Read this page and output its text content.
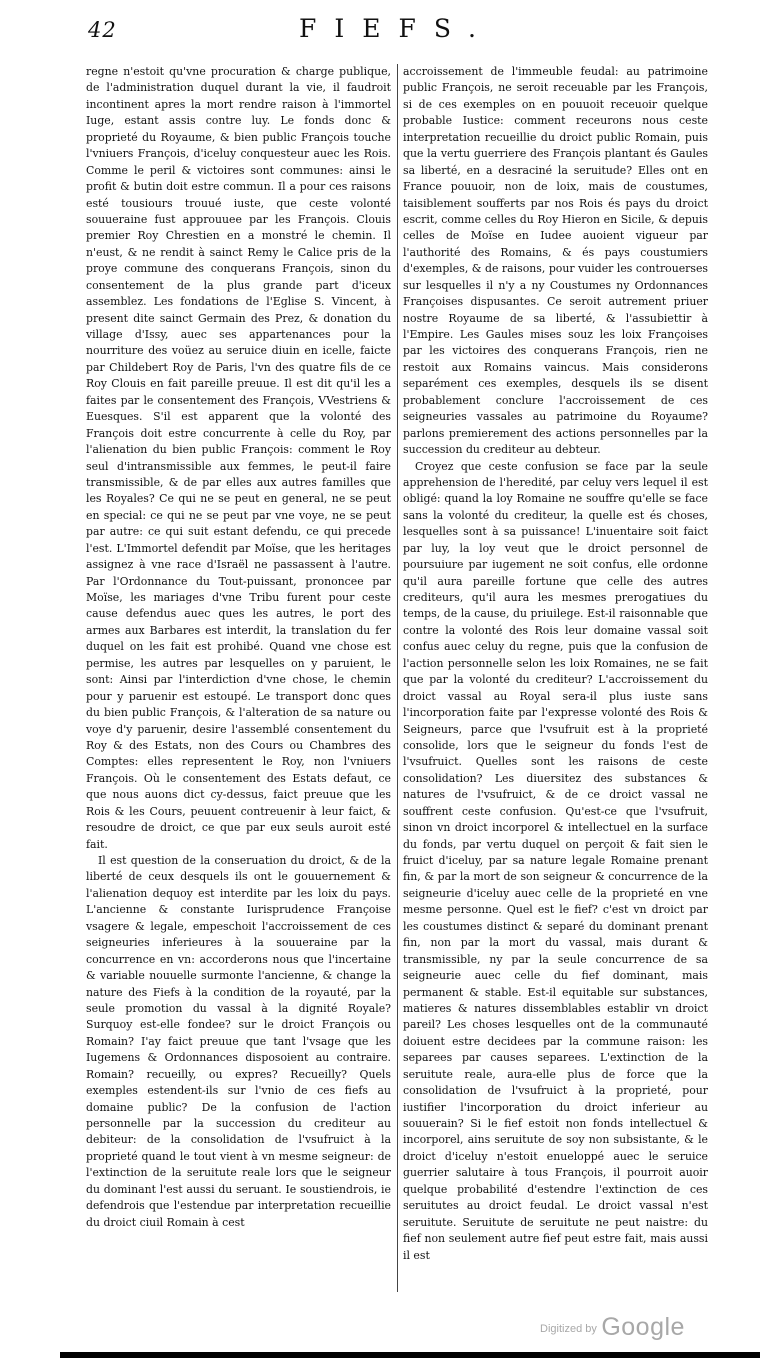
42	FIEFS.

regne n'estoit qu'vne procuration & charge publique, de l'administration duquel durant la vie, il faudroit incontinent apres la mort rendre raison à l'immortel Iuge, estant assis contre luy. Le fonds donc & proprieté du Royaume, & bien public François touche l'vniuers François, d'iceluy conquesteur auec les Rois. Comme le peril & victoires sont communes: ainsi le profit & butin doit estre commun. Il a pour ces raisons esté tousiours trouué iuste, que ceste volonté souueraine fust approuuee par les François. Clouis premier Roy Chrestien en a monstré le chemin. Il n'eust, & ne rendit à sainct Remy le Calice pris de la proye commune des conquerans François, sinon du consentement de la plus grande part d'iceux assemblez. Les fondations de l'Eglise S. Vincent, à present dite sainct Germain des Prez, & donation du village d'Issy, auec ses appartenances pour la nourriture des voüez au seruice diuin en icelle, faicte par Childebert Roy de Paris, l'vn des quatre fils de ce Roy Clouis en fait pareille preuue. Il est dit qu'il les a faites par le consentement des François, VVestriens & Euesques. S'il est apparent que la volonté des François doit estre concurrente à celle du Roy, par l'alienation du bien public François: comment le Roy seul d'intransmissible aux femmes, le peut-il faire transmissible, & de par elles aux autres familles que les Royales? Ce qui ne se peut en general, ne se peut en special: ce qui ne se peut par vne voye, ne se peut par autre: ce qui suit estant defendu, ce qui precede l'est. L'Immortel defendit par Moïse, que les heritages assignez à vne race d'Israël ne passassent à l'autre. Par l'Ordonnance du Tout-puissant, prononcee par Moïse, les mariages d'vne Tribu furent pour ceste cause defendus auec ques les autres, le port des armes aux Barbares est interdit, la translation du fer duquel on les fait est prohibé. Quand vne chose est permise, les autres par lesquelles on y paruient, le sont: Ainsi par l'interdiction d'vne chose, le chemin pour y paruenir est estoupé. Le transport donc ques du bien public François, & l'alteration de sa nature ou voye d'y paruenir, desire l'assemblé consentement du Roy & des Estats, non des Cours ou Chambres des Comptes: elles representent le Roy, non l'vniuers François. Où le consentement des Estats defaut, ce que nous auons dict cy-dessus, faict preuue que les Rois & les Cours, peuuent contreuenir à leur faict, & resoudre de droict, ce que par eux seuls auroit esté fait.

Il est question de la conseruation du droict, & de la liberté de ceux desquels ils ont le gouuernement & l'alienation dequoy est interdite par les loix du pays. L'ancienne & constante Iurisprudence Françoise vsagere & legale, empeschoit l'accroissement de ces seigneuries inferieures à la souueraine par la concurrence en vn: accorderons nous que l'incertaine & variable nouuelle surmonte l'ancienne, & change la nature des Fiefs à la condition de la royauté, par la seule promotion du vassal à la dignité Royale? Surquoy est-elle fondee? sur le droict François ou Romain? I'ay faict preuue que tant l'vsage que les Iugemens & Ordonnances disposoient au contraire. Romain? recueilly, ou expres? Recueilly? Quels exemples estendent-ils sur l'vnio de ces fiefs au domaine public? De la confusion de l'action personnelle par la succession du crediteur au debiteur: de la consolidation de l'vsufruict à la proprieté quand le tout vient à vn mesme seigneur: de l'extinction de la seruitute reale lors que le seigneur du dominant l'est aussi du seruant. Ie soustiendrois, ie defendrois que l'estendue par interpretation recueillie du droict ciuil Romain à cest

accroissement de l'immeuble feudal: au patrimoine public François, ne seroit receuable par les François, si de ces exemples on en pouuoit receuoir quelque probable Iustice: comment receurons nous ceste interpretation recueillie du droict public Romain, puis que la vertu guerriere des François plantant és Gaules sa liberté, en a desraciné la seruitude? Elles ont en France pouuoir, non de loix, mais de coustumes, taisiblement soufferts par nos Rois és pays du droict escrit, comme celles du Roy Hieron en Sicile, & depuis celles de Moïse en Iudee auoient vigueur par l'authorité des Romains, & és pays coustumiers d'exemples, & de raisons, pour vuider les controuerses sur lesquelles il n'y a ny Coustumes ny Ordonnances Françoises dispusantes. Ce seroit autrement priuer nostre Royaume de sa liberté, & l'assubiettir à l'Empire. Les Gaules mises souz les loix Françoises par les victoires des conquerans François, rien ne restoit aux Romains vaincus. Mais considerons separément ces exemples, desquels ils se disent probablement conclure l'accroissement de ces seigneuries vassales au patrimoine du Royaume? parlons premierement des actions personnelles par la succession du crediteur au debteur.

Croyez que ceste confusion se face par la seule apprehension de l'heredité, par celuy vers lequel il est obligé: quand la loy Romaine ne souffre qu'elle se face sans la volonté du crediteur, la quelle est és choses, lesquelles sont à sa puissance! L'inuentaire soit faict par luy, la loy veut que le droict personnel de poursuiure par iugement ne soit confus, elle ordonne qu'il aura pareille fortune que celle des autres crediteurs, qu'il aura les mesmes prerogatiues du temps, de la cause, du priuilege. Est-il raisonnable que contre la volonté des Rois leur domaine vassal soit confus auec celuy du regne, puis que la confusion de l'action personnelle selon les loix Romaines, ne se fait que par la volonté du crediteur? L'accroissement du droict vassal au Royal sera-il plus iuste sans l'incorporation faite par l'expresse volonté des Rois & Seigneurs, parce que l'vsufruit est à la proprieté consolide, lors que le seigneur du fonds l'est de l'vsufruict. Quelles sont les raisons de ceste consolidation? Les diuersitez des substances & natures de l'vsufruict, & de ce droict vassal ne souffrent ceste confusion. Qu'est-ce que l'vsufruit, sinon vn droict incorporel & intellectuel en la surface du fonds, par vertu duquel on perçoit & fait sien le fruict d'iceluy, par sa nature legale Romaine prenant fin, & par la mort de son seigneur & concurrence de la seigneurie d'iceluy auec celle de la proprieté en vne mesme personne. Quel est le fief? c'est vn droict par les coustumes distinct & separé du dominant prenant fin, non par la mort du vassal, mais durant & transmissible, ny par la seule concurrence de sa seigneurie auec celle du fief dominant, mais permanent & stable. Est-il equitable sur substances, matieres & natures dissemblables establir vn droict pareil? Les choses lesquelles ont de la communauté doiuent estre decidees par la commune raison: les separees par causes separees. L'extinction de la seruitute reale, aura-elle plus de force que la consolidation de l'vsufruict à la proprieté, pour iustifier l'incorporation du droict inferieur au souuerain? Si le fief estoit non fonds intellectuel & incorporel, ains seruitute de soy non subsistante, & le droict d'iceluy n'estoit enueloppé auec le seruice guerrier salutaire à tous François, il pourroit auoir quelque probabilité d'estendre l'extinction de ces seruitutes au droict feudal. Le droict vassal n'est seruitute. Seruitute de seruitute ne peut naistre: du fief non seulement autre fief peut estre fait, mais aussi il est

Digitized by Google
